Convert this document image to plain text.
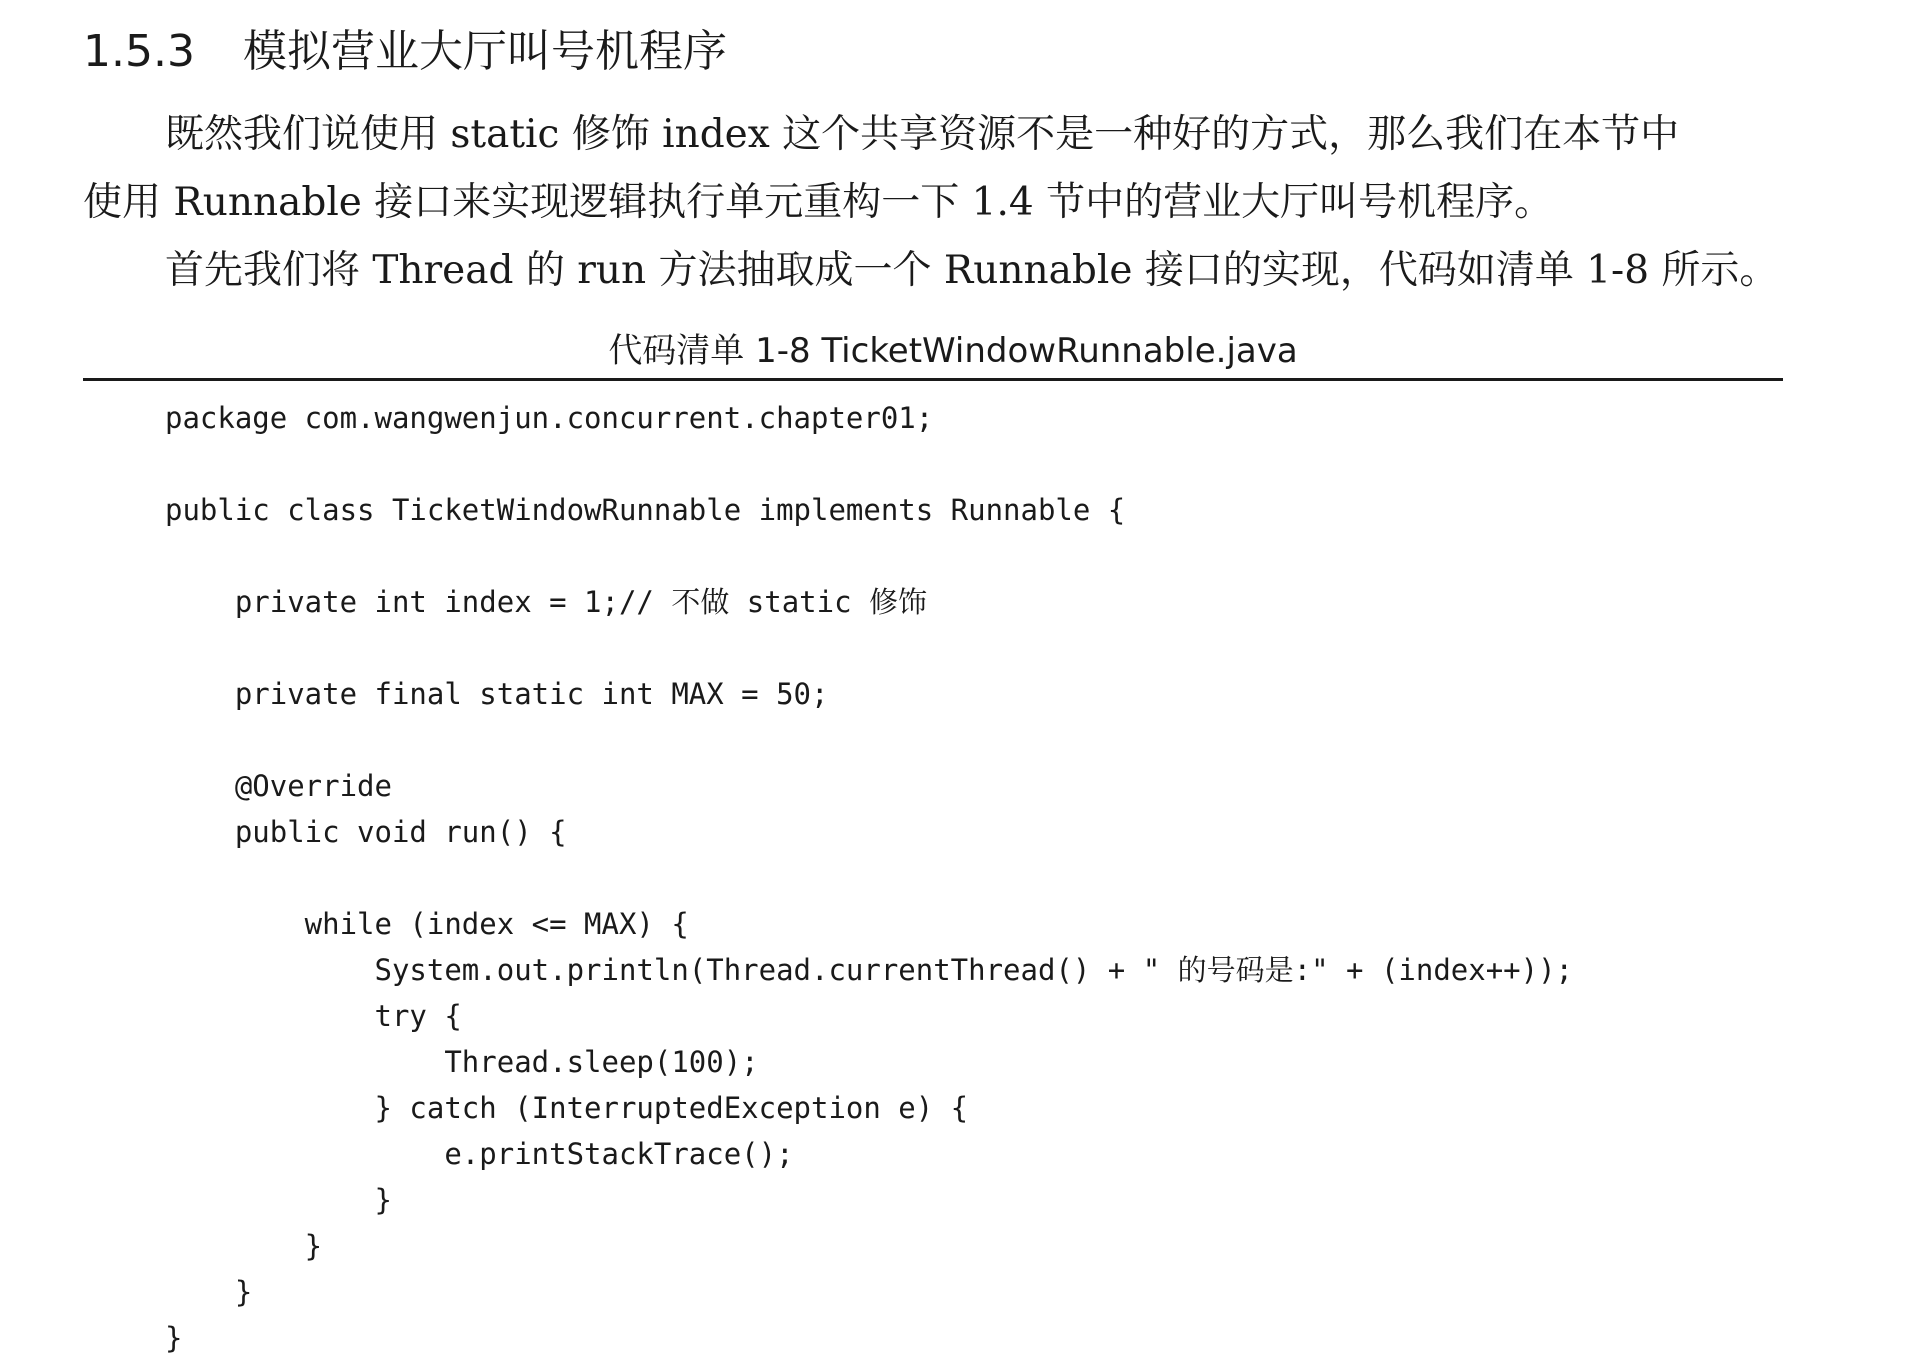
1.5.3 模拟营业大厅叫号机程序
既然我们说使用 static 修饰 index 这个共享资源不是一种好的方式，那么我们在本节中
使用 Runnable 接口来实现逻辑执行单元重构一下 1.4 节中的营业大厅叫号机程序。
首先我们将 Thread 的 run 方法抽取成一个 Runnable 接口的实现，代码如清单 1-8 所示。
代码清单 1-8 TicketWindowRunnable.java
package com.wangwenjun.concurrent.chapter01;

public class TicketWindowRunnable implements Runnable {

private int index = 1;// 不做 static 修饰

private final static int MAX = 50;

@Override
public void run() {

while (index <= MAX) {
System.out.println(Thread.currentThread() + " 的号码是:" + (index++));
try {
Thread.sleep(100);
} catch (InterruptedException e) {
e.printStackTrace();
}
}
}
}
